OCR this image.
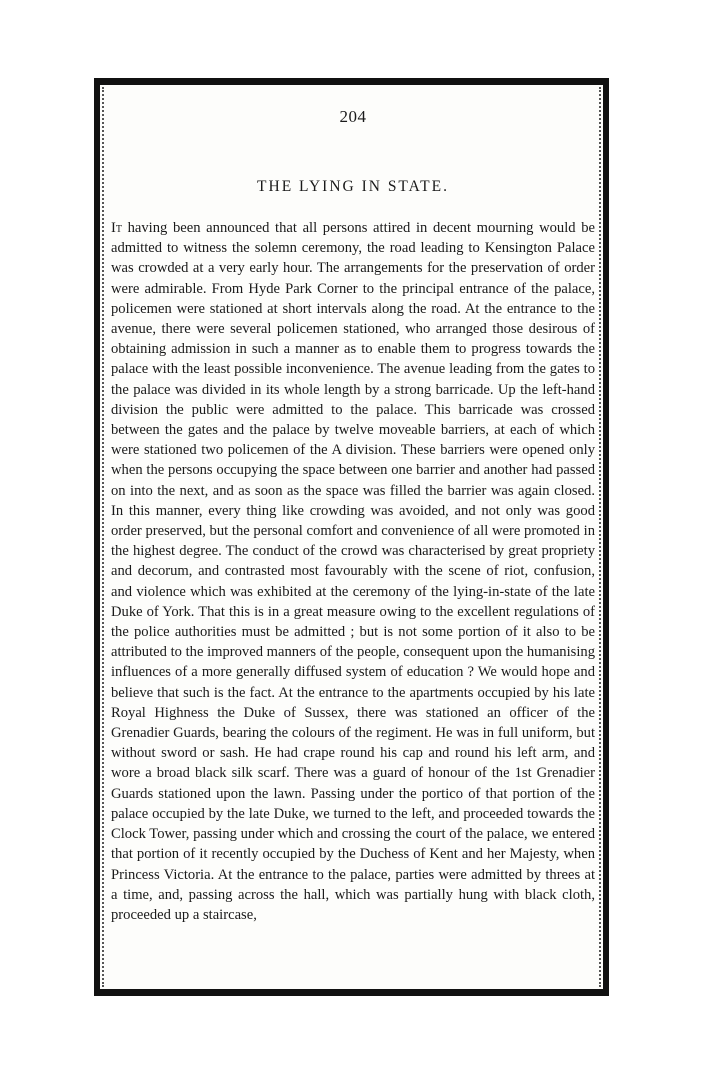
204
THE LYING IN STATE.

It having been announced that all persons attired in decent mourning would be admitted to witness the solemn ceremony, the road leading to Kensington Palace was crowded at a very early hour. The arrangements for the preservation of order were admirable. From Hyde Park Corner to the principal entrance of the palace, policemen were stationed at short intervals along the road. At the entrance to the avenue, there were several policemen stationed, who arranged those desirous of obtaining admission in such a manner as to enable them to progress towards the palace with the least possible inconvenience. The avenue leading from the gates to the palace was divided in its whole length by a strong barricade. Up the left-hand division the public were admitted to the palace. This barricade was crossed between the gates and the palace by twelve moveable barriers, at each of which were stationed two policemen of the A division. These barriers were opened only when the persons occupying the space between one barrier and another had passed on into the next, and as soon as the space was filled the barrier was again closed. In this manner, every thing like crowding was avoided, and not only was good order preserved, but the personal comfort and convenience of all were promoted in the highest degree. The conduct of the crowd was characterised by great propriety and decorum, and contrasted most favourably with the scene of riot, confusion, and violence which was exhibited at the ceremony of the lying-in-state of the late Duke of York. That this is in a great measure owing to the excellent regulations of the police authorities must be admitted ; but is not some portion of it also to be attributed to the improved manners of the people, consequent upon the humanising influences of a more generally diffused system of education ? We would hope and believe that such is the fact. At the entrance to the apartments occupied by his late Royal Highness the Duke of Sussex, there was stationed an officer of the Grenadier Guards, bearing the colours of the regiment. He was in full uniform, but without sword or sash. He had crape round his cap and round his left arm, and wore a broad black silk scarf. There was a guard of honour of the 1st Grenadier Guards stationed upon the lawn. Passing under the portico of that portion of the palace occupied by the late Duke, we turned to the left, and proceeded towards the Clock Tower, passing under which and crossing the court of the palace, we entered that portion of it recently occupied by the Duchess of Kent and her Majesty, when Princess Victoria. At the entrance to the palace, parties were admitted by threes at a time, and, passing across the hall, which was partially hung with black cloth, proceeded up a staircase,
